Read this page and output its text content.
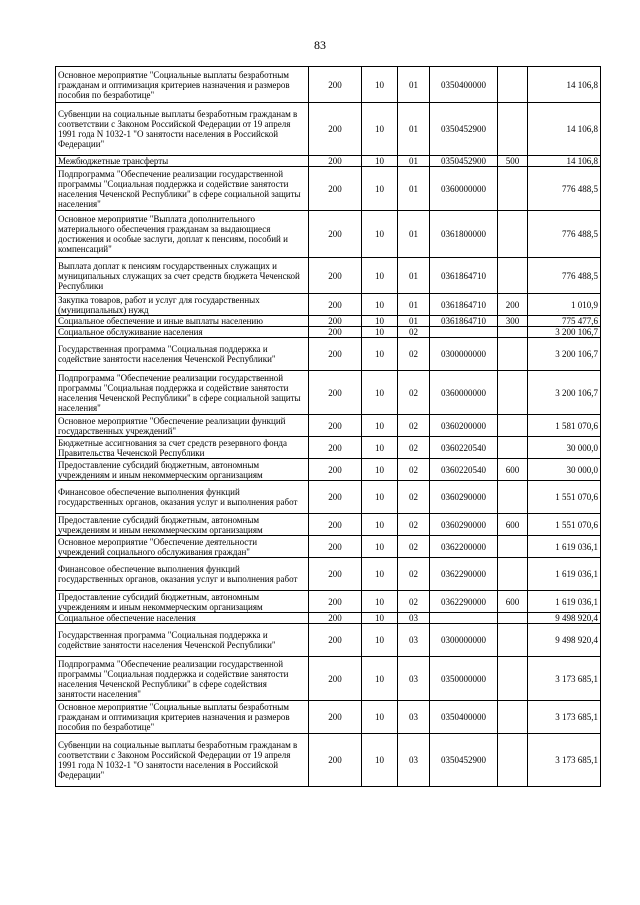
83
Основное мероприятие "Социальные выплаты безработным гражданам и оптимизация критериев назначения и размеров пособия по безработице"	200	10	01	0350400000		14 106,8
Субвенции на социальные выплаты безработным гражданам в соответствии с Законом Российской Федерации от 19 апреля 1991 года N 1032-1 "О занятости населения в Российской Федерации"	200	10	01	0350452900		14 106,8
Межбюджетные трансферты	200	10	01	0350452900	500	14 106,8
Подпрограмма "Обеспечение реализации государственной программы "Социальная поддержка и содействие занятости населения Чеченской Республики" в сфере социальной защиты населения"	200	10	01	0360000000		776 488,5
Основное мероприятие "Выплата дополнительного материального обеспечения гражданам за выдающиеся достижения и особые заслуги, доплат к пенсиям, пособий и компенсаций"	200	10	01	0361800000		776 488,5
Выплата доплат к пенсиям государственных служащих и муниципальных служащих за счет средств бюджета Чеченской Республики	200	10	01	0361864710		776 488,5
Закупка товаров, работ и услуг для государственных (муниципальных) нужд	200	10	01	0361864710	200	1 010,9
Социальное обеспечение и иные выплаты населению	200	10	01	0361864710	300	775 477,6
Социальное обслуживание населения	200	10	02			3 200 106,7
Государственная программа "Социальная поддержка и содействие занятости населения Чеченской Республики"	200	10	02	0300000000		3 200 106,7
Подпрограмма "Обеспечение реализации государственной программы "Социальная поддержка и содействие занятости населения Чеченской Республики" в сфере социальной защиты населения"	200	10	02	0360000000		3 200 106,7
Основное мероприятие "Обеспечение реализации функций государственных учреждений"	200	10	02	0360200000		1 581 070,6
Бюджетные ассигнования за счет средств резервного фонда Правительства Чеченской Республики	200	10	02	0360220540		30 000,0
Предоставление субсидий бюджетным, автономным учреждениям и иным некоммерческим организациям	200	10	02	0360220540	600	30 000,0
Финансовое обеспечение выполнения функций государственных органов, оказания услуг и выполнения работ	200	10	02	0360290000		1 551 070,6
Предоставление субсидий бюджетным, автономным учреждениям и иным некоммерческим организациям	200	10	02	0360290000	600	1 551 070,6
Основное мероприятие "Обеспечение деятельности учреждений социального обслуживания граждан"	200	10	02	0362200000		1 619 036,1
Финансовое обеспечение выполнения функций государственных органов, оказания услуг и выполнения работ	200	10	02	0362290000		1 619 036,1
Предоставление субсидий бюджетным, автономным учреждениям и иным некоммерческим организациям	200	10	02	0362290000	600	1 619 036,1
Социальное обеспечение населения	200	10	03			9 498 920,4
Государственная программа "Социальная поддержка и содействие занятости населения Чеченской Республики"	200	10	03	0300000000		9 498 920,4
Подпрограмма "Обеспечение реализации государственной программы "Социальная поддержка и содействие занятости населения Чеченской Республики" в сфере содействия занятости населения"	200	10	03	0350000000		3 173 685,1
Основное мероприятие "Социальные выплаты безработным гражданам и оптимизация критериев назначения и размеров пособия по безработице"	200	10	03	0350400000		3 173 685,1
Субвенции на социальные выплаты безработным гражданам в соответствии с Законом Российской Федерации от 19 апреля 1991 года N 1032-1 "О занятости населения в Российской Федерации"	200	10	03	0350452900		3 173 685,1
